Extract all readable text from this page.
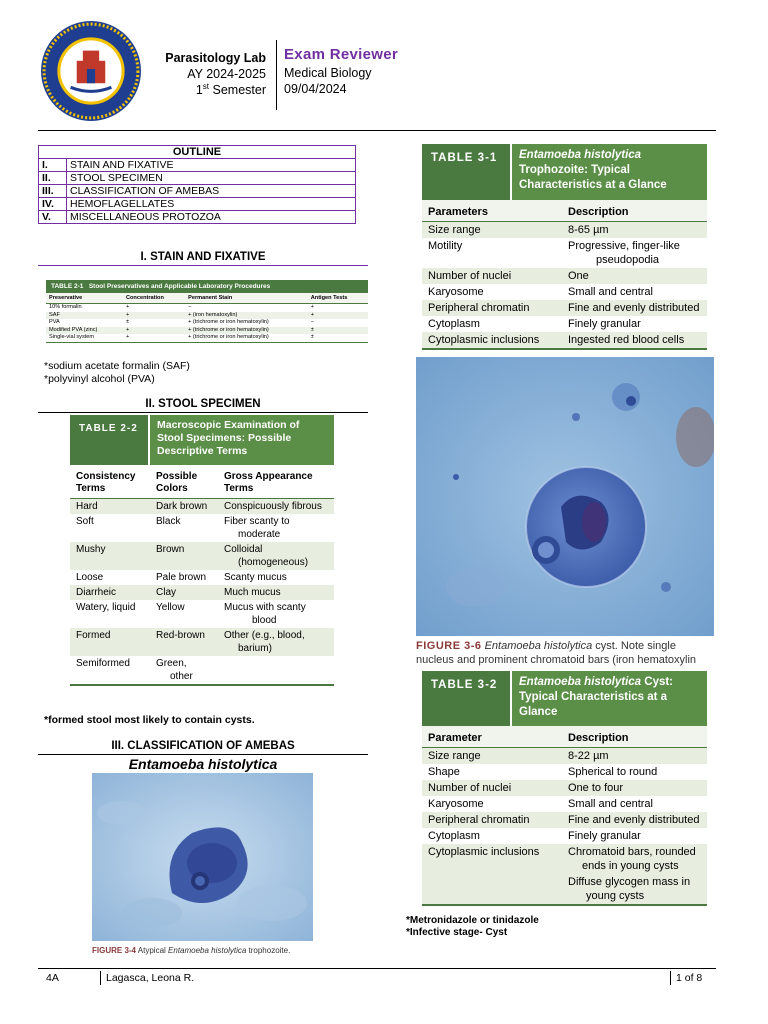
Parasitology Lab
AY 2024-2025
1st Semester
Exam Reviewer
Medical Biology
09/04/2024
OUTLINE	
I.	STAIN AND FIXATIVE
II.	STOOL SPECIMEN
III.	CLASSIFICATION OF AMEBAS
IV.	HEMOFLAGELLATES
V.	MISCELLANEOUS PROTOZOA
I. STAIN AND FIXATIVE
TABLE 2-1 Stool Preservatives and Applicable Laboratory Procedures
Preservative	Concentration	Permanent Stain	Antigen Tests
10% formalin	+	−	+
SAF	+	+ (iron hematoxylin)	+
PVA	±	+ (trichrome or iron hematoxylin)	−
Modified PVA (zinc)	+	+ (trichrome or iron hematoxylin)	±
Single-vial system	+	+ (trichrome or iron hematoxylin)	±
*sodium acetate formalin (SAF)
*polyvinyl alcohol (PVA)
II. STOOL SPECIMEN
TABLE 2-2	Macroscopic Examination of Stool Specimens: Possible Descriptive Terms
Consistency Terms	Possible Colors	Gross Appearance Terms
Hard	Dark brown	Conspicuously fibrous
Soft	Black	Fiber scanty to
moderate

Mushy	Brown	Colloidal
(homogeneous)

Loose	Pale brown	Scanty mucus
Diarrheic	Clay	Much mucus
Watery, liquid	Yellow	Mucus with scanty
blood

Formed	Red-brown	Other (e.g., blood,
barium)

Semiformed	Green,
other	

*formed stool most likely to contain cysts.
III. CLASSIFICATION OF AMEBAS
Entamoeba histolytica
FIGURE 3-4 Atypical Entamoeba histolytica trophozoite.
TABLE 3-1	Entamoeba histolytica
Trophozoite: Typical Characteristics at a Glance
Parameters	Description
Size range	8-65 µm
Motility	Progressive, finger-like
pseudopodia

Number of nuclei	One
Karyosome	Small and central
Peripheral chromatin	Fine and evenly distributed
Cytoplasm	Finely granular
Cytoplasmic inclusions	Ingested red blood cells
FIGURE 3-6 Entamoeba histolytica cyst. Note single
nucleus and prominent chromatoid bars (iron hematoxylin
TABLE 3-2	Entamoeba histolytica Cyst: Typical Characteristics at a Glance
Parameter	Description
Size range	8-22 µm
Shape	Spherical to round
Number of nuclei	One to four
Karyosome	Small and central
Peripheral chromatin	Fine and evenly distributed
Cytoplasm	Finely granular
Cytoplasmic inclusions	Chromatoid bars, rounded
ends in young cysts

	Diffuse glycogen mass in
young cysts
*Metronidazole or tinidazole
*Infective stage- Cyst
4A	Lagasca, Leona R.	1 of 8
